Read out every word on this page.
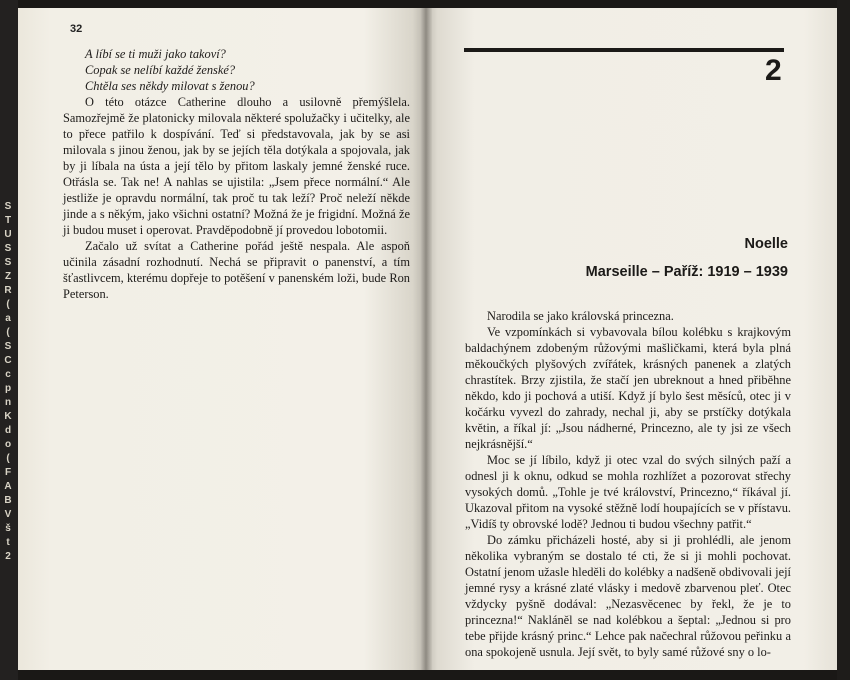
S
T
U
S
S
Z
R
(
a
(
S
C
c
p
n
K
d
o
(
F
A
B
V
š
t
2
32

A líbí se ti muži jako takoví?

Copak se nelíbí každé ženské?

Chtěla ses někdy milovat s ženou?

O této otázce Catherine dlouho a usilovně přemýšlela. Samozřejmě že platonicky milovala některé spolužačky i učitelky, ale to přece patřilo k dospívání. Teď si představovala, jak by se asi milovala s jinou ženou, jak by se jejích těla dotýkala a spojovala, jak by ji líbala na ústa a její tělo by přitom laskaly jemné ženské ruce. Otřásla se. Tak ne! A nahlas se ujistila: „Jsem přece normální.“ Ale jestliže je opravdu normální, tak proč tu tak leží? Proč neleží někde jinde a s někým, jako všichni ostatní? Možná že je frigidní. Možná že ji budou muset i operovat. Pravděpodobně jí provedou lobotomii.

Začalo už svítat a Catherine pořád ještě nespala. Ale aspoň učinila zásadní rozhodnutí. Nechá se připravit o panenství, a tím šťastlivcem, kterému dopřeje to potěšení v panenském loži, bude Ron Peterson.

2
Noelle
Marseille – Paříž: 1919 – 1939

Narodila se jako královská princezna.

Ve vzpomínkách si vybavovala bílou kolébku s krajkovým baldachýnem zdobeným růžovými mašličkami, která byla plná měkoučkých plyšových zvířátek, krásných panenek a zlatých chrastítek. Brzy zjistila, že stačí jen ubreknout a hned přiběhne někdo, kdo ji pochová a utiší. Když jí bylo šest měsíců, otec ji v kočárku vyvezl do zahrady, nechal ji, aby se prstíčky dotýkala květin, a říkal jí: „Jsou nádherné, Princezno, ale ty jsi ze všech nejkrásnější.“

Moc se jí líbilo, když ji otec vzal do svých silných paží a odnesl ji k oknu, odkud se mohla rozhlížet a pozorovat střechy vysokých domů. „Tohle je tvé království, Princezno,“ říkával jí. Ukazoval přitom na vysoké stěžně lodí houpajících se v přístavu. „Vidíš ty obrovské lodě? Jednou ti budou všechny patřit.“

Do zámku přicházeli hosté, aby si ji prohlédli, ale jenom několika vybraným se dostalo té cti, že si ji mohli pochovat. Ostatní jenom užasle hleděli do kolébky a nadšeně obdivovali její jemné rysy a krásné zlaté vlásky i medově zbarvenou pleť. Otec vždycky pyšně dodával: „Nezasvěcenec by řekl, že je to princezna!“ Nakláněl se nad kolébkou a šeptal: „Jednou si pro tebe přijde krásný princ.“ Lehce pak načechral růžovou peřinku a ona spokojeně usnula. Její svět, to byly samé růžové sny o lo-
